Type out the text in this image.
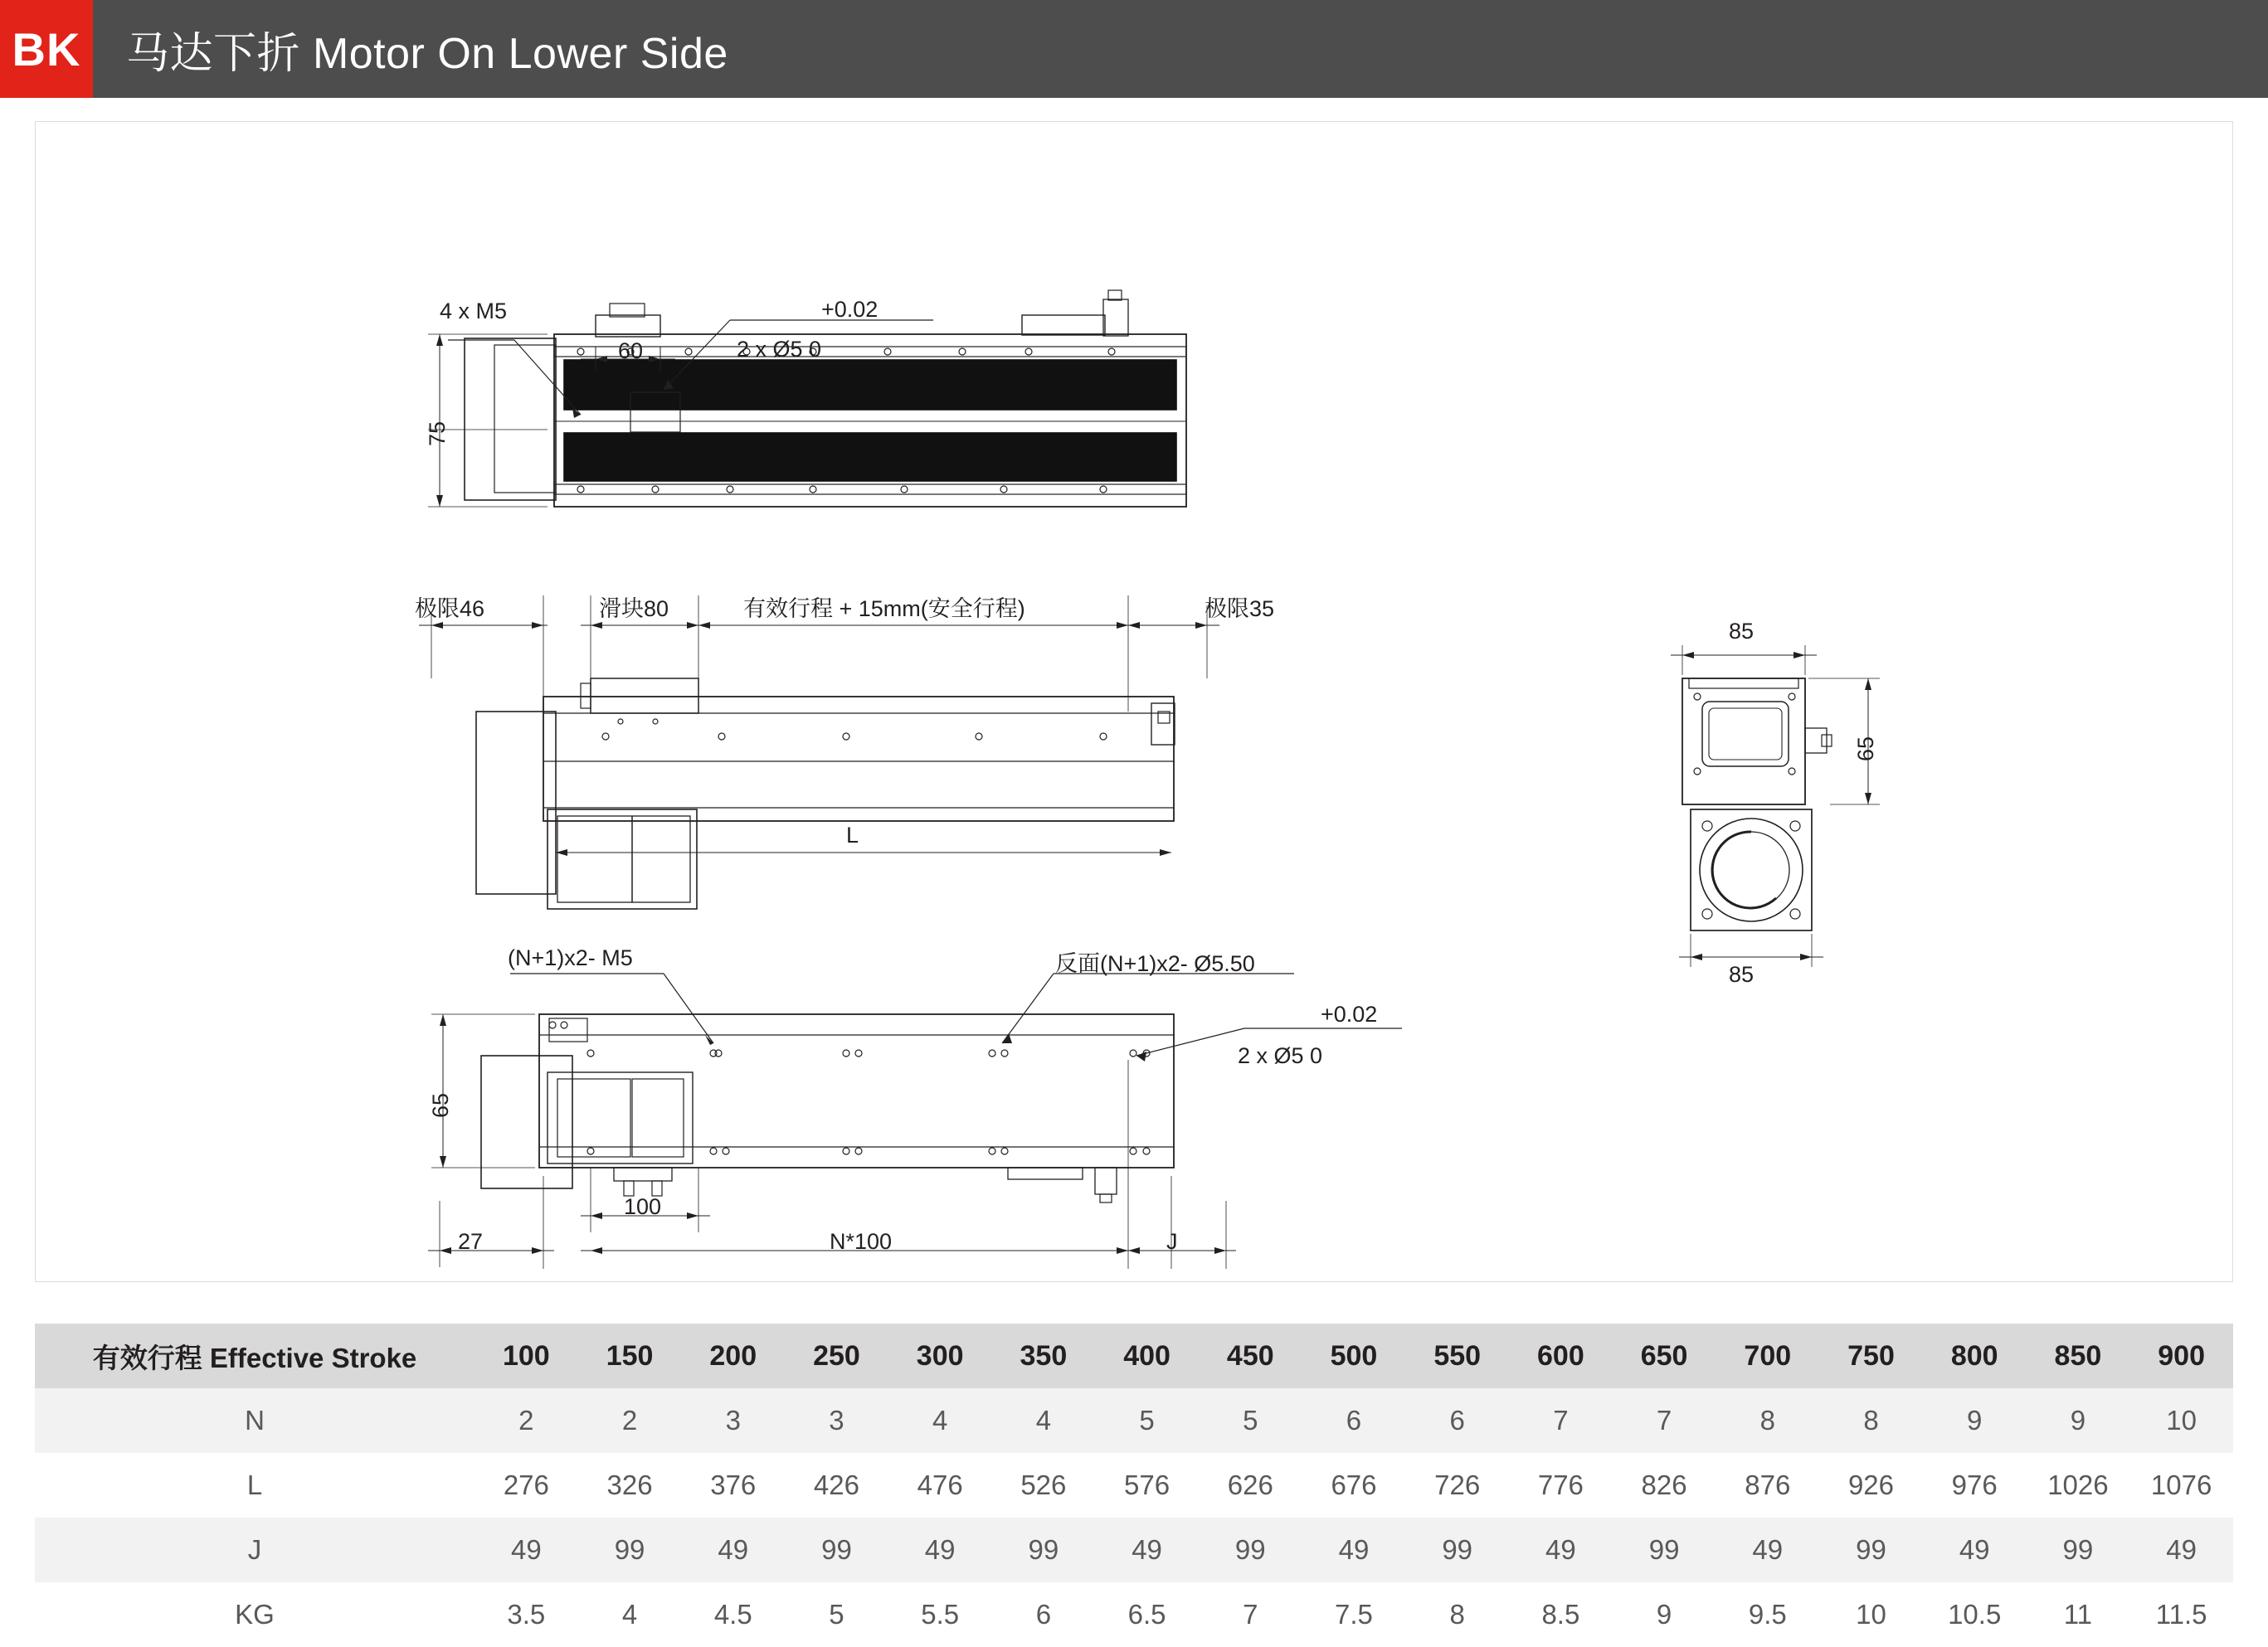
BK	马达下折 Motor On Lower Side
4 x M5
60
+0.02
2 x Ø5 0
75
极限46	滑块80	有效行程 + 15mm(安全行程)	极限35
L
(N+1)x2- M5	反面(N+1)x2- Ø5.50
+0.02
2 x Ø5 0
65
27
100
N*100	J
85
65
85
有效行程 Effective Stroke	100	150	200	250	300	350	400	450	500	550	600	650	700	750	800	850	900
N	2	2	3	3	4	4	5	5	6	6	7	7	8	8	9	9	10
L	276	326	376	426	476	526	576	626	676	726	776	826	876	926	976	1026	1076
J	49	99	49	99	49	99	49	99	49	99	49	99	49	99	49	99	49
KG	3.5	4	4.5	5	5.5	6	6.5	7	7.5	8	8.5	9	9.5	10	10.5	11	11.5
